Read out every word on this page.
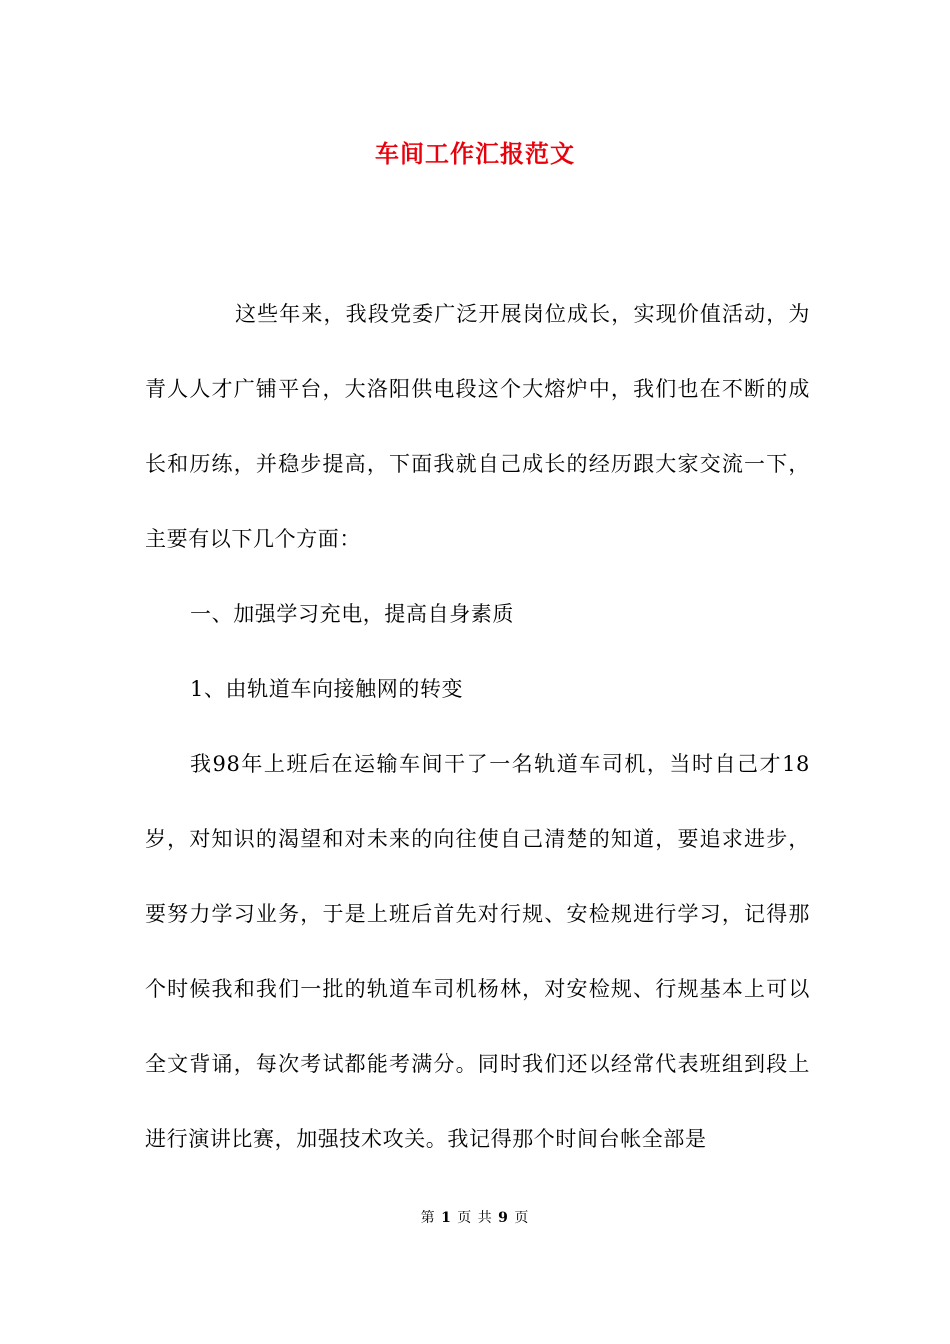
车间工作汇报范文

这些年来，我段党委广泛开展岗位成长，实现价值活动，为青人人才广铺平台，大洛阳供电段这个大熔炉中，我们也在不断的成长和历练，并稳步提高，下面我就自己成长的经历跟大家交流一下，主要有以下几个方面：

一、加强学习充电，提高自身素质

1、由轨道车向接触网的转变

我98年上班后在运输车间干了一名轨道车司机，当时自己才18岁，对知识的渴望和对未来的向往使自己清楚的知道，要追求进步，要努力学习业务，于是上班后首先对行规、安检规进行学习，记得那个时候我和我们一批的轨道车司机杨林，对安检规、行规基本上可以全文背诵，每次考试都能考满分。同时我们还以经常代表班组到段上进行演讲比赛，加强技术攻关。我记得那个时间台帐全部是

第 1 页 共 9 页
